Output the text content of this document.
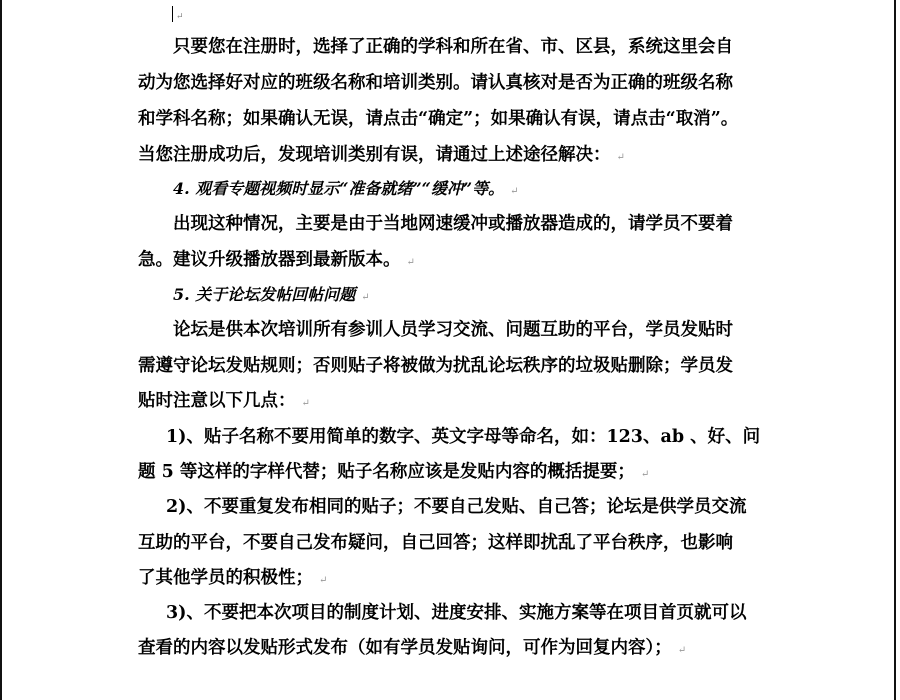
↵
只要您在注册时，选择了正确的学科和所在省、市、区县，系统这里会自
动为您选择好对应的班级名称和培训类别。请认真核对是否为正确的班级名称
和学科名称；如果确认无误，请点击“确定”；如果确认有误，请点击“取消”。
当您注册成功后，发现培训类别有误，请通过上述途径解决： ↵
4. 观看专题视频时显示“准备就绪”“缓冲”等。 ↵
出现这种情况，主要是由于当地网速缓冲或播放器造成的，请学员不要着
急。建议升级播放器到最新版本。 ↵
5. 关于论坛发帖回帖问题 ↵
论坛是供本次培训所有参训人员学习交流、问题互助的平台，学员发贴时
需遵守论坛发贴规则；否则贴子将被做为扰乱论坛秩序的垃圾贴删除；学员发
贴时注意以下几点： ↵
1)、贴子名称不要用简单的数字、英文字母等命名，如：123、ab 、好、问
题 5 等这样的字样代替；贴子名称应该是发贴内容的概括提要； ↵
2)、不要重复发布相同的贴子；不要自己发贴、自己答；论坛是供学员交流
互助的平台，不要自己发布疑问，自己回答；这样即扰乱了平台秩序，也影响
了其他学员的积极性； ↵
3)、不要把本次项目的制度计划、进度安排、实施方案等在项目首页就可以
查看的内容以发贴形式发布（如有学员发贴询问，可作为回复内容）； ↵
